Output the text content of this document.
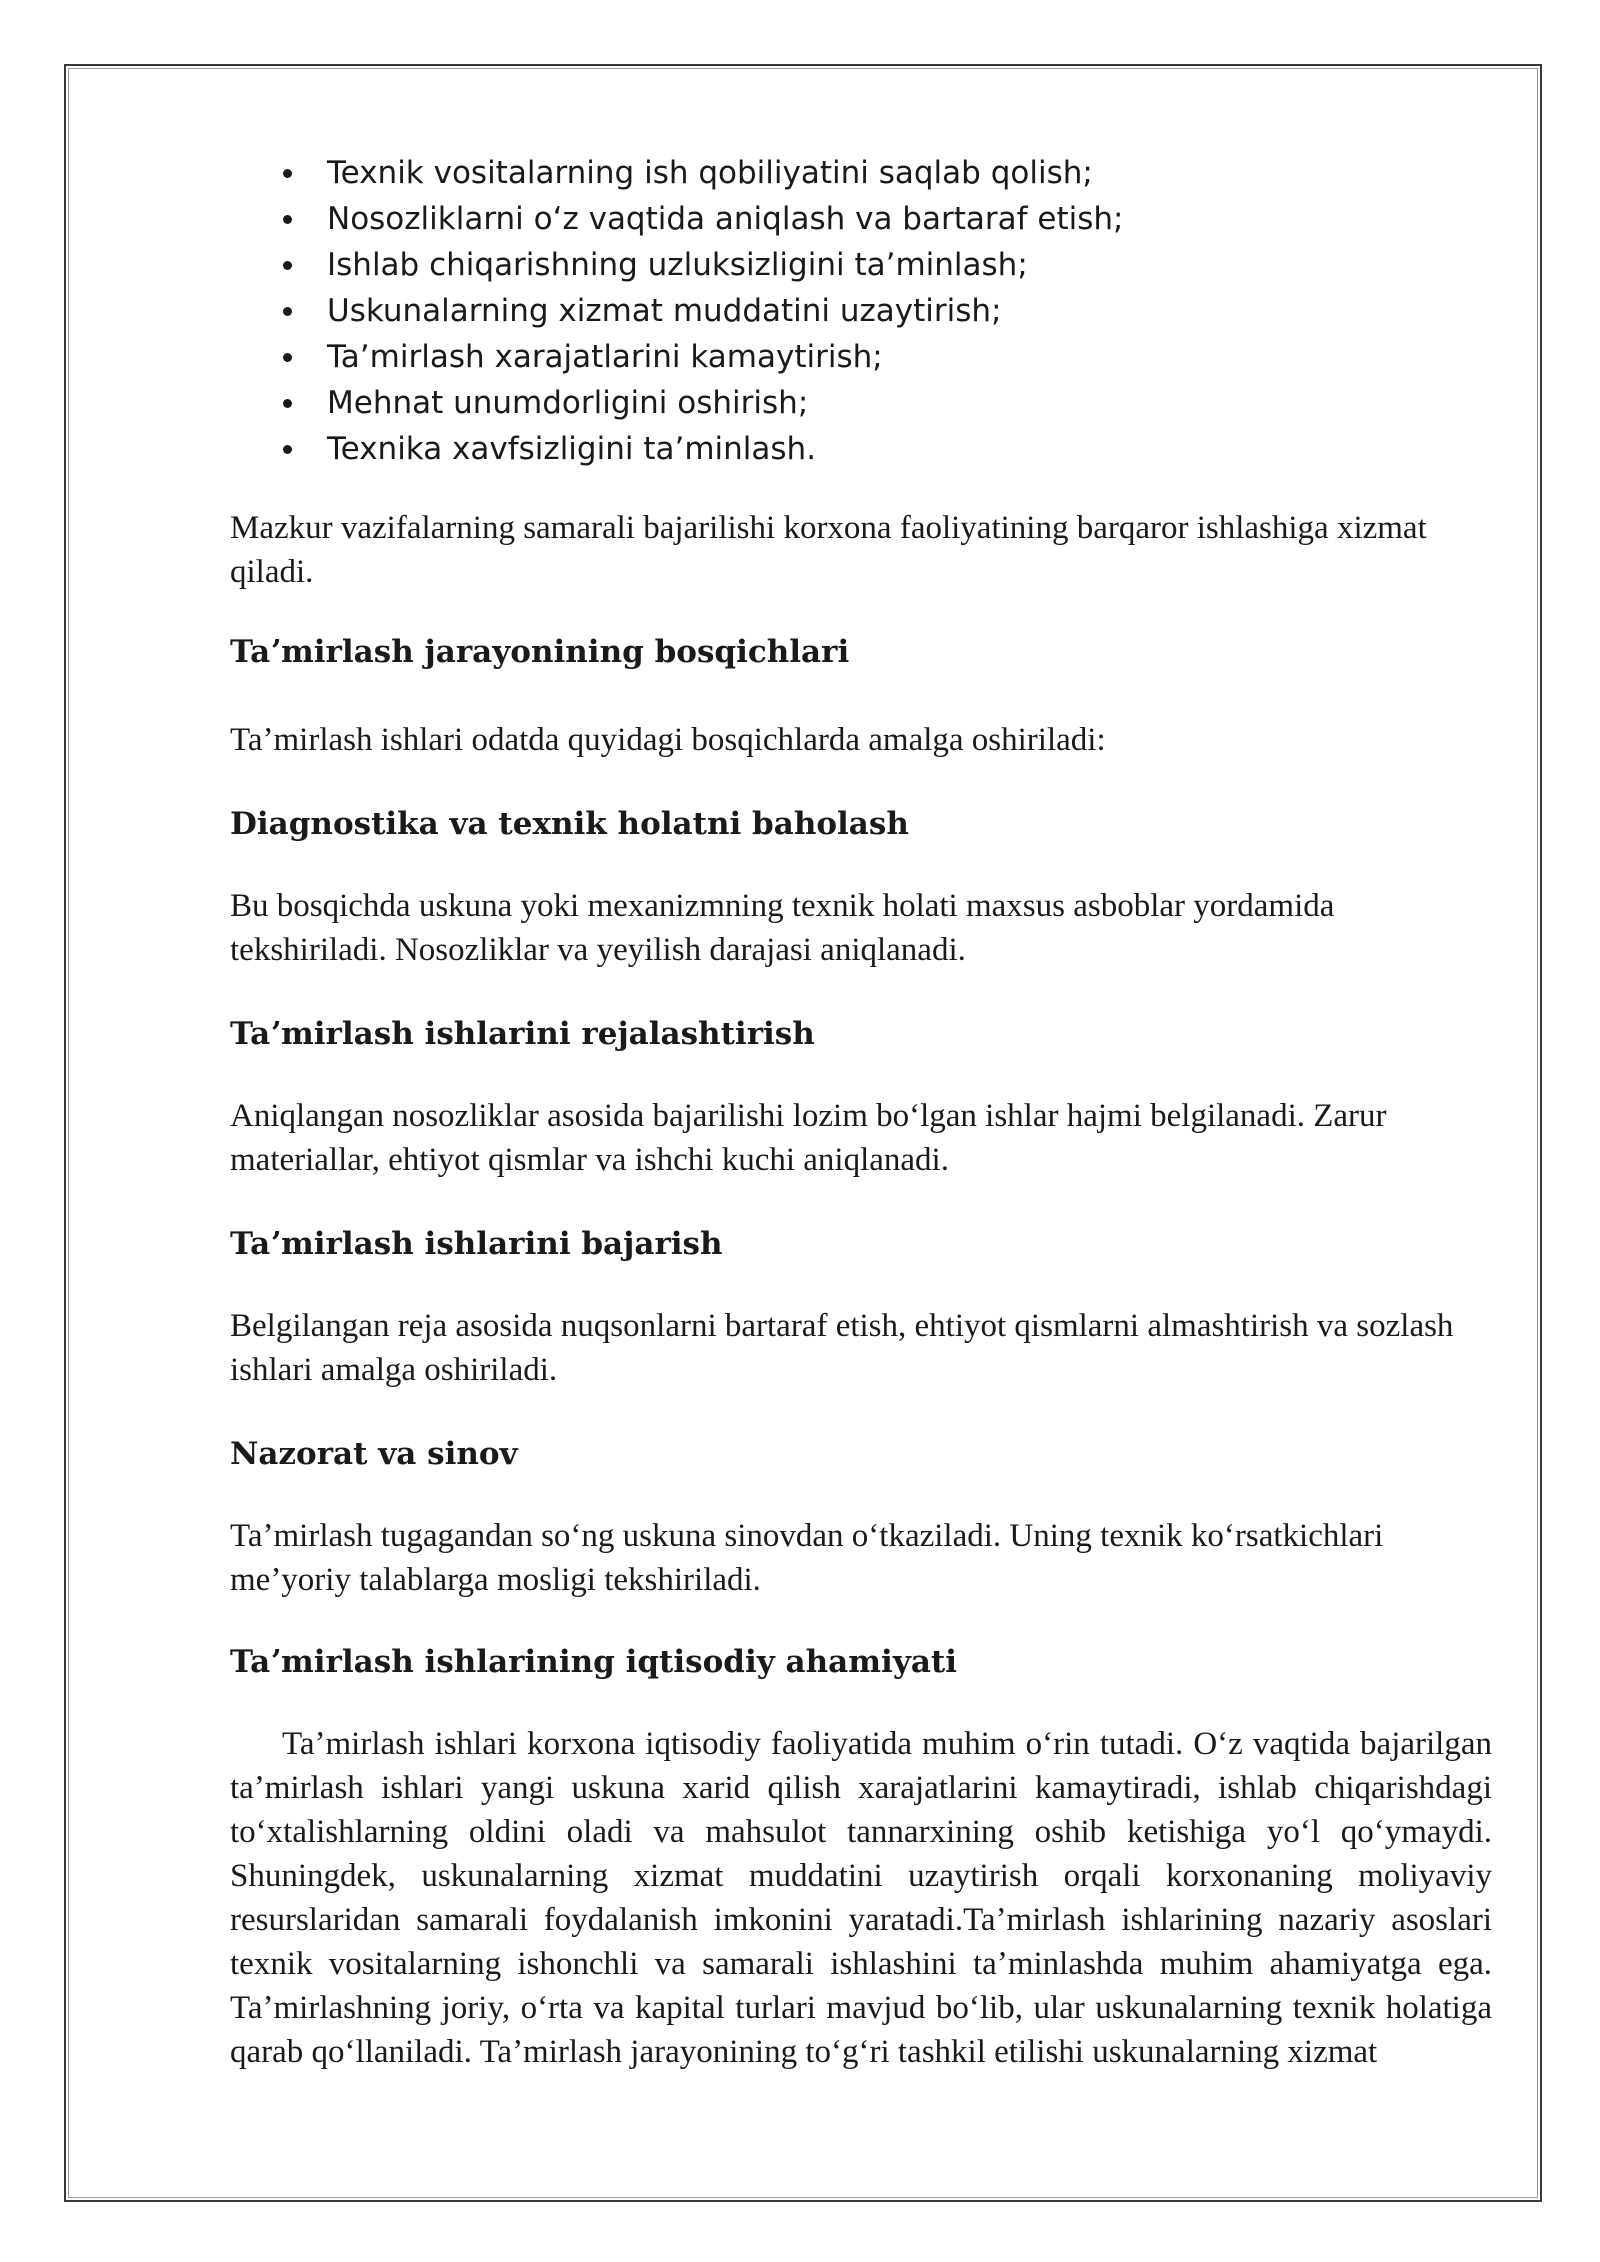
Texnik vositalarning ish qobiliyatini saqlab qolish;
Nosozliklarni oʻz vaqtida aniqlash va bartaraf etish;
Ishlab chiqarishning uzluksizligini taʼminlash;
Uskunalarning xizmat muddatini uzaytirish;
Taʼmirlash xarajatlarini kamaytirish;
Mehnat unumdorligini oshirish;
Texnika xavfsizligini taʼminlash.

Mazkur vazifalarning samarali bajarilishi korxona faoliyatining barqaror ishlashiga xizmat qiladi.

Taʼmirlash jarayonining bosqichlari

Taʼmirlash ishlari odatda quyidagi bosqichlarda amalga oshiriladi:

Diagnostika va texnik holatni baholash

Bu bosqichda uskuna yoki mexanizmning texnik holati maxsus asboblar yordamida tekshiriladi. Nosozliklar va yeyilish darajasi aniqlanadi.

Taʼmirlash ishlarini rejalashtirish

Aniqlangan nosozliklar asosida bajarilishi lozim boʻlgan ishlar hajmi belgilanadi. Zarur materiallar, ehtiyot qismlar va ishchi kuchi aniqlanadi.

Taʼmirlash ishlarini bajarish

Belgilangan reja asosida nuqsonlarni bartaraf etish, ehtiyot qismlarni almashtirish va sozlash ishlari amalga oshiriladi.

Nazorat va sinov

Taʼmirlash tugagandan soʻng uskuna sinovdan oʻtkaziladi. Uning texnik koʻrsatkichlari meʼyoriy talablarga mosligi tekshiriladi.

Taʼmirlash ishlarining iqtisodiy ahamiyati

Taʼmirlash ishlari korxona iqtisodiy faoliyatida muhim oʻrin tutadi. Oʻz vaqtida bajarilgan taʼmirlash ishlari yangi uskuna xarid qilish xarajatlarini kamaytiradi, ishlab chiqarishdagi toʻxtalishlarning oldini oladi va mahsulot tannarxining oshib ketishiga yoʻl qoʻymaydi. Shuningdek, uskunalarning xizmat muddatini uzaytirish orqali korxonaning moliyaviy resurslaridan samarali foydalanish imkonini yaratadi.Taʼmirlash ishlarining nazariy asoslari texnik vositalarning ishonchli va samarali ishlashini taʼminlashda muhim ahamiyatga ega. Taʼmirlashning joriy, oʻrta va kapital turlari mavjud boʻlib, ular uskunalarning texnik holatiga qarab qoʻllaniladi. Taʼmirlash jarayonining toʻgʻri tashkil etilishi uskunalarning xizmat
